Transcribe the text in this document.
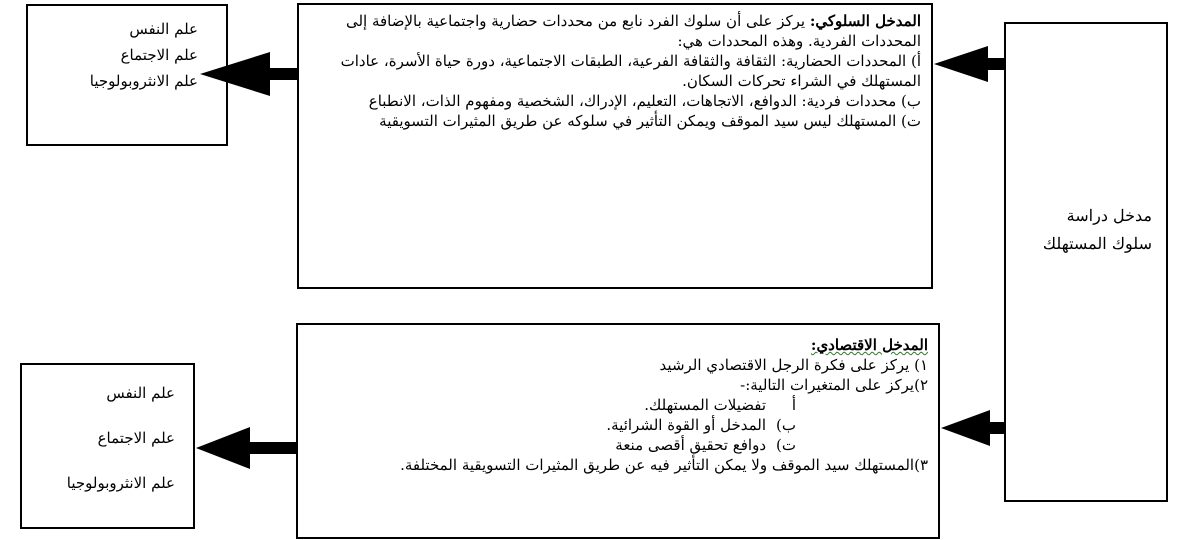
علم النفس
علم الاجتماع
علم الانثروبولوجيا
علم النفس
علم الاجتماع
علم الانثروبولوجيا

المدخل السلوكي: يركز على أن سلوك الفرد نابع من محددات حضارية واجتماعية بالإضافة إلى المحددات الفردية. وهذه المحددات هي:

أ) المحددات الحضارية: الثقافة والثقافة الفرعية، الطبقات الاجتماعية، دورة حياة الأسرة، عادات المستهلك في الشراء تحركات السكان.
ب) محددات فردية: الدوافع، الاتجاهات، التعليم، الإدراك، الشخصية ومفهوم الذات، الانطباع
ت) المستهلك ليس سيد الموقف ويمكن التأثير في سلوكه عن طريق المثيرات التسويقية

المدخل الاقتصادي:

١) يركز على فكرة الرجل الاقتصادي الرشيد
٢)يركز على المتغيرات التالية:-
أتفضيلات المستهلك.
ب)المدخل أو القوة الشرائية.
ت)دوافع تحقيق أقصى منعة
٣)المستهلك سيد الموقف ولا يمكن التأثير فيه عن طريق المثيرات التسويقية المختلفة.
مدخل دراسة
سلوك المستهلك
